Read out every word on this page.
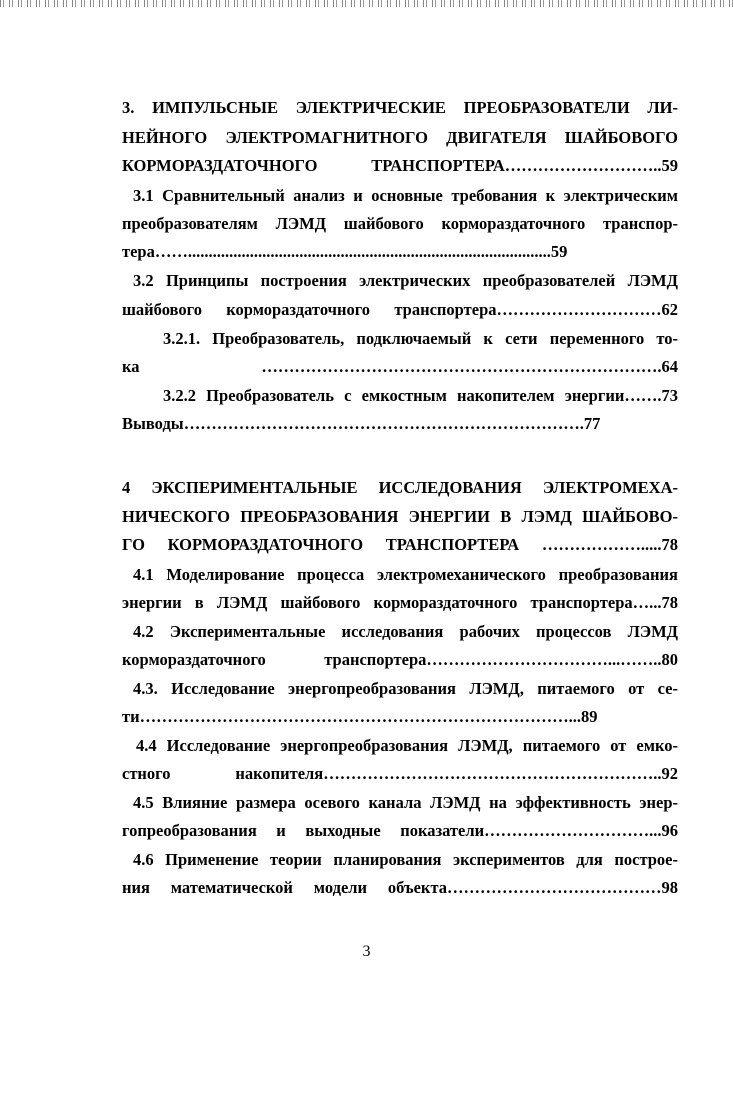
3. ИМПУЛЬСНЫЕ ЭЛЕКТРИЧЕСКИЕ ПРЕОБРАЗОВАТЕЛИ ЛИ-
НЕЙНОГО ЭЛЕКТРОМАГНИТНОГО ДВИГАТЕЛЯ ШАЙБОВОГО
КОРМОРАЗДАТОЧНОГО ТРАНСПОРТЕРА………………………..59
3.1 Сравнительный анализ и основные требования к электрическим
преобразователям ЛЭМД шайбового кормораздаточного транспор-
тера……........................................................................................59
3.2 Принципы построения электрических преобразователей ЛЭМД
шайбового кормораздаточного транспортера…………………………62
3.2.1. Преобразователь, подключаемый к сети переменного то-
ка ……………………………………………………………….64
3.2.2 Преобразователь с емкостным накопителем энергии…….73
Выводы……………………………………………………………….77
4 ЭКСПЕРИМЕНТАЛЬНЫЕ ИССЛЕДОВАНИЯ ЭЛЕКТРОМЕХА-
НИЧЕСКОГО ПРЕОБРАЗОВАНИЯ ЭНЕРГИИ В ЛЭМД ШАЙБОВО-
ГО КОРМОРАЗДАТОЧНОГО ТРАНСПОРТЕРА ……………….....78
4.1 Моделирование процесса электромеханического преобразования
энергии в ЛЭМД шайбового кормораздаточного транспортера…...78
4.2 Экспериментальные исследования рабочих процессов ЛЭМД
кормораздаточного транспортера……………………………...……..80
4.3. Исследование энергопреобразования ЛЭМД, питаемого от се-
ти……………………………………………………………………...89
4.4 Исследование энергопреобразования ЛЭМД, питаемого от емко-
стного накопителя……………………………………………………..92
4.5 Влияние размера осевого канала ЛЭМД на эффективность энер-
гопреобразования и выходные показатели…………………………...96
4.6 Применение теории планирования экспериментов для построе-
ния математической модели объекта…………………………………98
3
